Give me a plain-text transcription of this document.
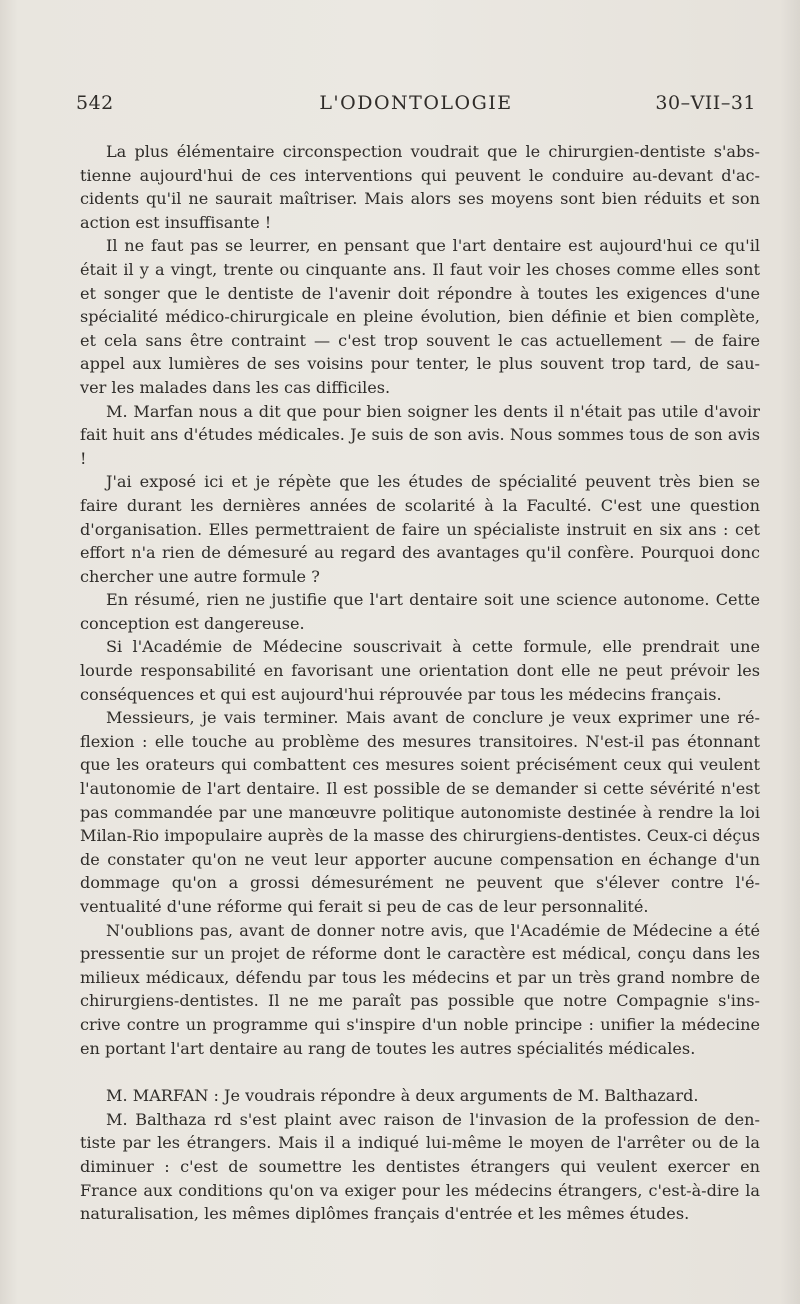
542	L'ODONTOLOGIE	30–VII–31

La plus élémentaire circonspection voudrait que le chirurgien-dentiste s'abs- tienne aujourd'hui de ces interventions qui peuvent le conduire au-devant d'ac- cidents qu'il ne saurait maîtriser. Mais alors ses moyens sont bien réduits et son action est insuffisante !

Il ne faut pas se leurrer, en pensant que l'art dentaire est aujourd'hui ce qu'il était il y a vingt, trente ou cinquante ans. Il faut voir les choses comme elles sont et songer que le dentiste de l'avenir doit répondre à toutes les exigences d'une spécialité médico-chirurgicale en pleine évolution, bien définie et bien complète, et cela sans être contraint — c'est trop souvent le cas actuellement — de faire appel aux lumières de ses voisins pour tenter, le plus souvent trop tard, de sau- ver les malades dans les cas difficiles.

M. Marfan nous a dit que pour bien soigner les dents il n'était pas utile d'avoir fait huit ans d'études médicales. Je suis de son avis. Nous sommes tous de son avis !

J'ai exposé ici et je répète que les études de spécialité peuvent très bien se faire durant les dernières années de scolarité à la Faculté. C'est une question d'organisation. Elles permettraient de faire un spécialiste instruit en six ans : cet effort n'a rien de démesuré au regard des avantages qu'il confère. Pourquoi donc chercher une autre formule ?

En résumé, rien ne justifie que l'art dentaire soit une science autonome. Cette conception est dangereuse.

Si l'Académie de Médecine souscrivait à cette formule, elle prendrait une lourde responsabilité en favorisant une orientation dont elle ne peut prévoir les conséquences et qui est aujourd'hui réprouvée par tous les médecins français.

Messieurs, je vais terminer. Mais avant de conclure je veux exprimer une ré- flexion : elle touche au problème des mesures transitoires. N'est-il pas étonnant que les orateurs qui combattent ces mesures soient précisément ceux qui veulent l'autonomie de l'art dentaire. Il est possible de se demander si cette sévérité n'est pas commandée par une manœuvre politique autonomiste destinée à rendre la loi Milan-Rio impopulaire auprès de la masse des chirurgiens-dentistes. Ceux-ci déçus de constater qu'on ne veut leur apporter aucune compensation en échange d'un dommage qu'on a grossi démesurément ne peuvent que s'élever contre l'é- ventualité d'une réforme qui ferait si peu de cas de leur personnalité.

N'oublions pas, avant de donner notre avis, que l'Académie de Médecine a été pressentie sur un projet de réforme dont le caractère est médical, conçu dans les milieux médicaux, défendu par tous les médecins et par un très grand nombre de chirurgiens-dentistes. Il ne me paraît pas possible que notre Compagnie s'ins- crive contre un programme qui s'inspire d'un noble principe : unifier la médecine en portant l'art dentaire au rang de toutes les autres spécialités médicales.

M. MARFAN : Je voudrais répondre à deux arguments de M. Balthazard.

M. Balthaza rd s'est plaint avec raison de l'invasion de la profession de den- tiste par les étrangers. Mais il a indiqué lui-même le moyen de l'arrêter ou de la diminuer : c'est de soumettre les dentistes étrangers qui veulent exercer en France aux conditions qu'on va exiger pour les médecins étrangers, c'est-à-dire la naturalisation, les mêmes diplômes français d'entrée et les mêmes études.
